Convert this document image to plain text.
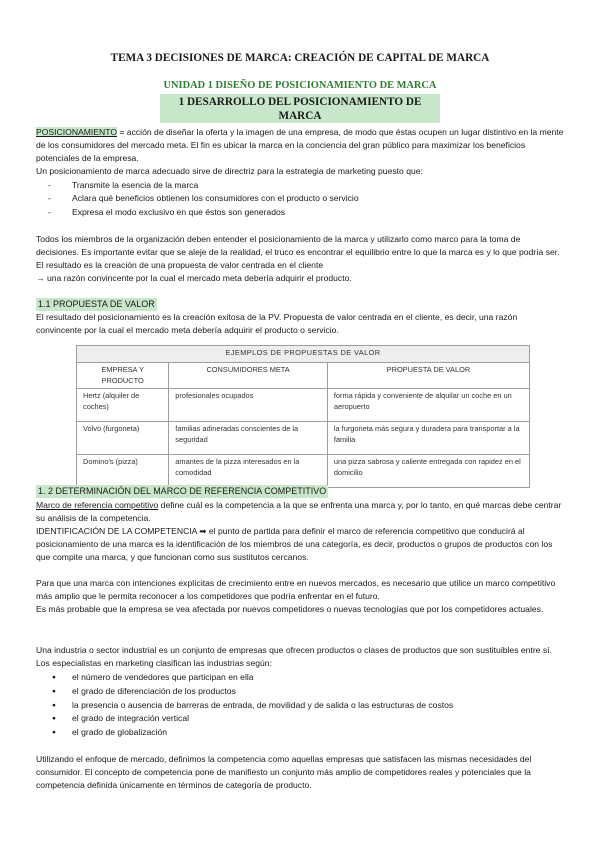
TEMA 3 DECISIONES DE MARCA: CREACIÓN DE CAPITAL DE MARCA
UNIDAD 1 DISEÑO DE POSICIONAMIENTO DE MARCA
1 DESARROLLO DEL POSICIONAMIENTO DE MARCA

POSICIONAMIENTO = acción de diseñar la oferta y la imagen de una empresa, de modo que éstas ocupen un lugar distintivo en la mente de los consumidores del mercado meta. El fin es ubicar la marca en la conciencia del gran público para maximizar los beneficios potenciales de la empresa.

Un posicionamiento de marca adecuado sirve de directriz para la estrategia de marketing puesto que:

- Transmite la esencia de la marca
- Aclara qué beneficios obtienen los consumidores con el producto o servicio
- Expresa el modo exclusivo en que éstos son generados

Todos los miembros de la organización deben entender el posicionamiento de la marca y utilizarlo como marco para la toma de decisiones. Es importante evitar que se aleje de la realidad, el truco es encontrar el equilibrio entre lo que la marca es y lo que podría ser. El resultado es la creación de una propuesta de valor centrada en el cliente

→ una razón convincente por la cual el mercado meta debería adquirir el producto.

1.1 PROPUESTA DE VALOR

El resultado del posicionamiento es la creación exitosa de la PV. Propuesta de valor centrada en el cliente, es decir, una razón convincente por la cual el mercado meta debería adquirir el producto o servicio.

EJEMPLOS DE PROPUESTAS DE VALOR		
EMPRESA Y PRODUCTO	CONSUMIDORES META	PROPUESTA DE VALOR
Hertz (alquiler de coches)	profesionales ocupados	forma rápida y conveniente de alquilar un coche en un aeropuerto
Volvo (furgoneta)	familias adineradas conscientes de la seguridad	la furgoneta más segura y duradera para transportar a la familia
Domino's (pizza)	amantes de la pizza interesados en la comodidad	una pizza sabrosa y caliente entregada con rapidez en el domicilio
1. 2 DETERMINACIÓN DEL MARCO DE REFERENCIA COMPETITIVO

Marco de referencia competitivo define cuál es la competencia a la que se enfrenta una marca y, por lo tanto, en qué marcas debe centrar su análisis de la competencia.

IDENTIFICACIÓN DE LA COMPETENCIA ➡ el punto de partida para definir el marco de referencia competitivo que conducirá al posicionamiento de una marca es la identificación de los miembros de una categoría, es decir, productos o grupos de productos con los que compite una marca, y que funcionan como sus sustitutos cercanos.

Para que una marca con intenciones explícitas de crecimiento entre en nuevos mercados, es necesario que utilice un marco competitivo más amplio que le permita reconocer a los competidores que podría enfrentar en el futuro.

Es más probable que la empresa se vea afectada por nuevos competidores o nuevas tecnologías que por los competidores actuales.

Una industria o sector industrial es un conjunto de empresas que ofrecen productos o clases de productos que son sustituibles entre sí. Los especialistas en marketing clasifican las industrias según:

● el número de vendedores que participan en ella
● el grado de diferenciación de los productos
● la presencia o ausencia de barreras de entrada, de movilidad y de salida o las estructuras de costos
● el grado de integración vertical
● el grado de globalización

Utilizando el enfoque de mercado, definimos la competencia como aquellas empresas que satisfacen las mismas necesidades del consumidor. El concepto de competencia pone de manifiesto un conjunto más amplio de competidores reales y potenciales que la competencia definida únicamente en términos de categoría de producto.
